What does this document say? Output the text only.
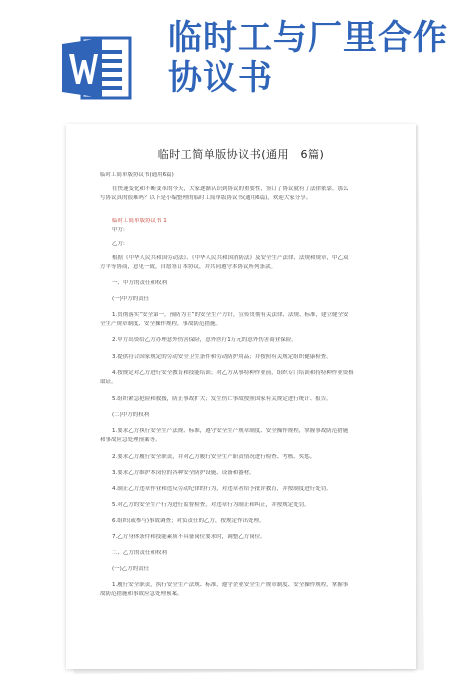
临时工与厂里合作
协议书
临时工简单版协议书(通用　6篇)
临时工简单版协议书(通用6篇)
在快速变化和不断变革的今天，大家逐渐认识到协议的重要性，签订了协议就有了法律依靠。那么
写协议真的很难吗？以下是小编整理的临时工简单版协议书(通用6篇)，欢迎大家分享。
临时工简单版协议书 1
甲方:
乙方:
根据《中华人民共和国劳动法》、《中华人民共和国消防法》及安全生产法律、法规和规章，甲乙双
方平等协商，意见一致，自愿签订本协议，并共同遵守本协议所列条款。
一、甲方的责任和权利
(一)甲方的责任
1.贯彻落实“安全第一，预防为主”的安全生产方针，宣传贯彻有关法律、法规、标准，建立健全安
全生产规章制度、安全操作规程，事故防范措施。
2.甲方出资给乙方办理意外伤害保险，意外医疗1万元的意外伤害商业保险。
3.提供符合国家规定的劳动安全卫生条件和劳动防护用品；并按照有关规定组织健康检查。
4.按规定对乙方进行安全教育和技能培训；对乙方从事特种作业前，组织专门培训和持特种作业资格
取证。
5.组织紧急抢险和救援，防止事故扩大；发生伤亡事故按照国家有关规定进行统计、报告。
(二)甲方的权利
1.要求乙方执行安全生产法规、标准，遵守安全生产规章制度、安全操作规程，掌握事故防范措施
和事故应急处理预案等。
2.要求乙方履行安全职责，并对乙方履行安全生产职责情况进行检查、考核、奖惩。
3.要求乙方维护本岗位的各种安全防护设施、设备和器材。
4.制止乙方违章作业和违反劳动纪律的行为，对违章者给予批评教育，并按制度进行处罚。
5.对乙方的安全生产行为进行监督检查，对违章行为制止和纠正，并按规定处罚。
6.组织(或参与)事故调查；对负责任的乙方，按规定作出处理。
7.乙方身体条件和技能素质不具备岗位要求时，调整乙方岗位。
二、乙方的责任和权利
(一)乙方的责任
1.履行安全职责，执行安全生产法规、标准，遵守企业安全生产规章制度、安全操作规程，掌握事
故防范措施和事故应急处理预案。
